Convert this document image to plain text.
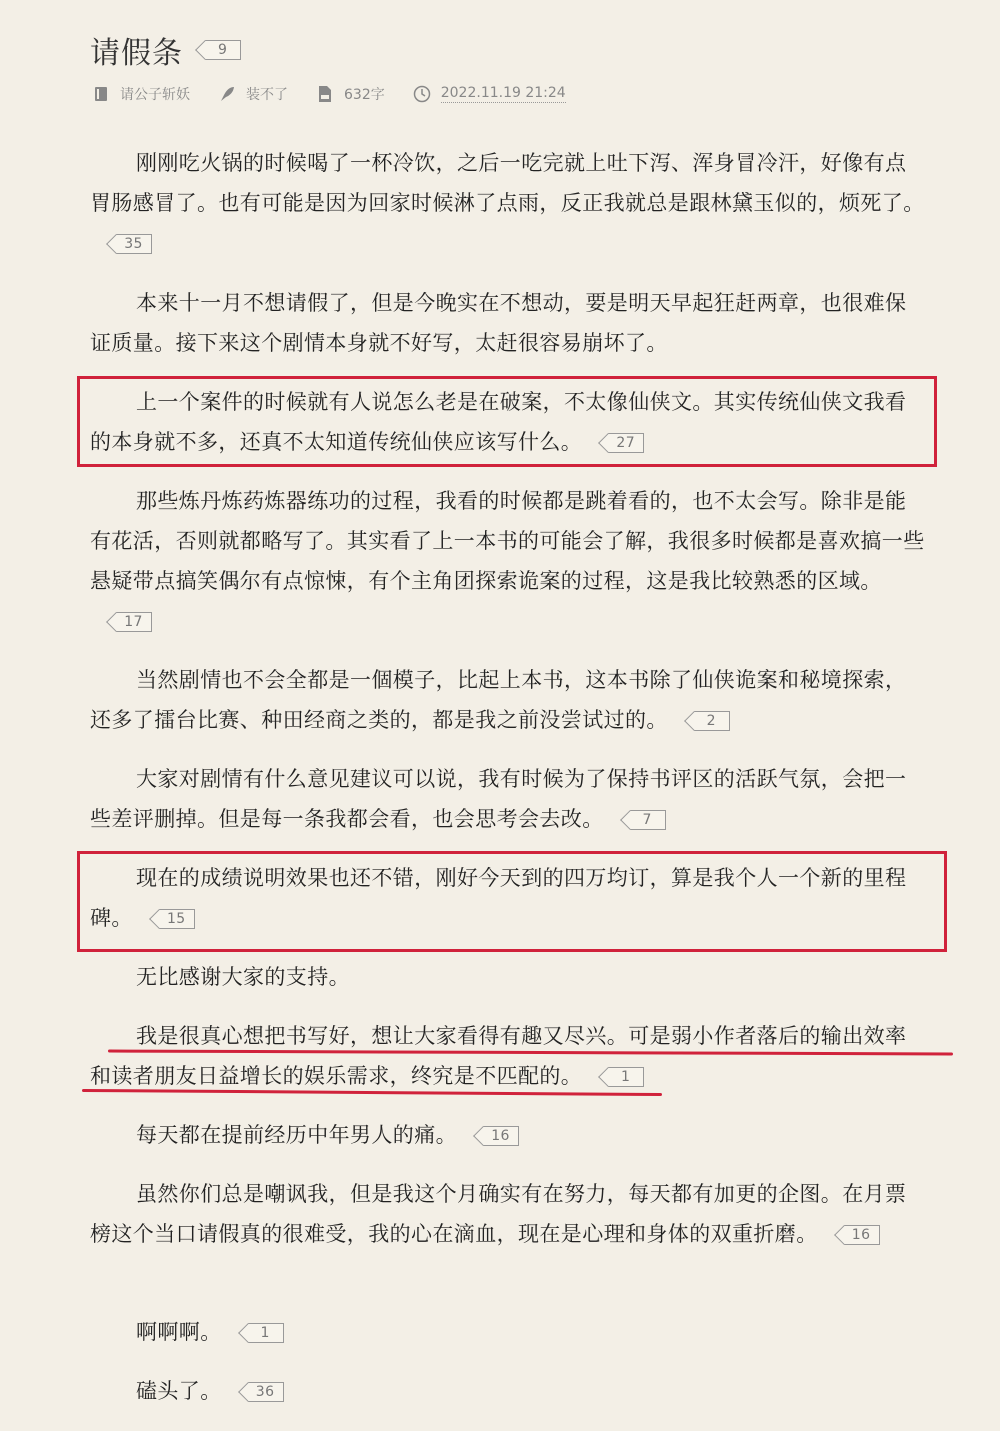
请假条	9
请公子斩妖	装不了	632字	2022.11.19 21:24
刚刚吃火锅的时候喝了一杯冷饮，之后一吃完就上吐下泻、浑身冒冷汗，好像有点胃肠感冒了。也有可能是因为回家时候淋了点雨，反正我就总是跟林黛玉似的，烦死了。35
本来十一月不想请假了，但是今晚实在不想动，要是明天早起狂赶两章，也很难保证质量。接下来这个剧情本身就不好写，太赶很容易崩坏了。
上一个案件的时候就有人说怎么老是在破案，不太像仙侠文。其实传统仙侠文我看的本身就不多，还真不太知道传统仙侠应该写什么。 27
那些炼丹炼药炼器练功的过程，我看的时候都是跳着看的，也不太会写。除非是能有花活，否则就都略写了。其实看了上一本书的可能会了解，我很多时候都是喜欢搞一些悬疑带点搞笑偶尔有点惊悚，有个主角团探索诡案的过程，这是我比较熟悉的区域。17
当然剧情也不会全都是一個模子，比起上本书，这本书除了仙侠诡案和秘境探索，还多了擂台比赛、种田经商之类的，都是我之前没尝试过的。	2
大家对剧情有什么意见建议可以说，我有时候为了保持书评区的活跃气氛，会把一些差评删掉。但是每一条我都会看，也会思考会去改。	7
现在的成绩说明效果也还不错，刚好今天到的四万均订，算是我个人一个新的里程碑。 15
无比感谢大家的支持。
我是很真心想把书写好，想让大家看得有趣又尽兴。可是弱小作者落后的输出效率和读者朋友日益增长的娱乐需求，终究是不匹配的。	1
每天都在提前经历中年男人的痛。 16
虽然你们总是嘲讽我，但是我这个月确实有在努力，每天都有加更的企图。在月票榜这个当口请假真的很难受，我的心在滴血，现在是心理和身体的双重折磨。 16
啊啊啊。	1
磕头了。 36
